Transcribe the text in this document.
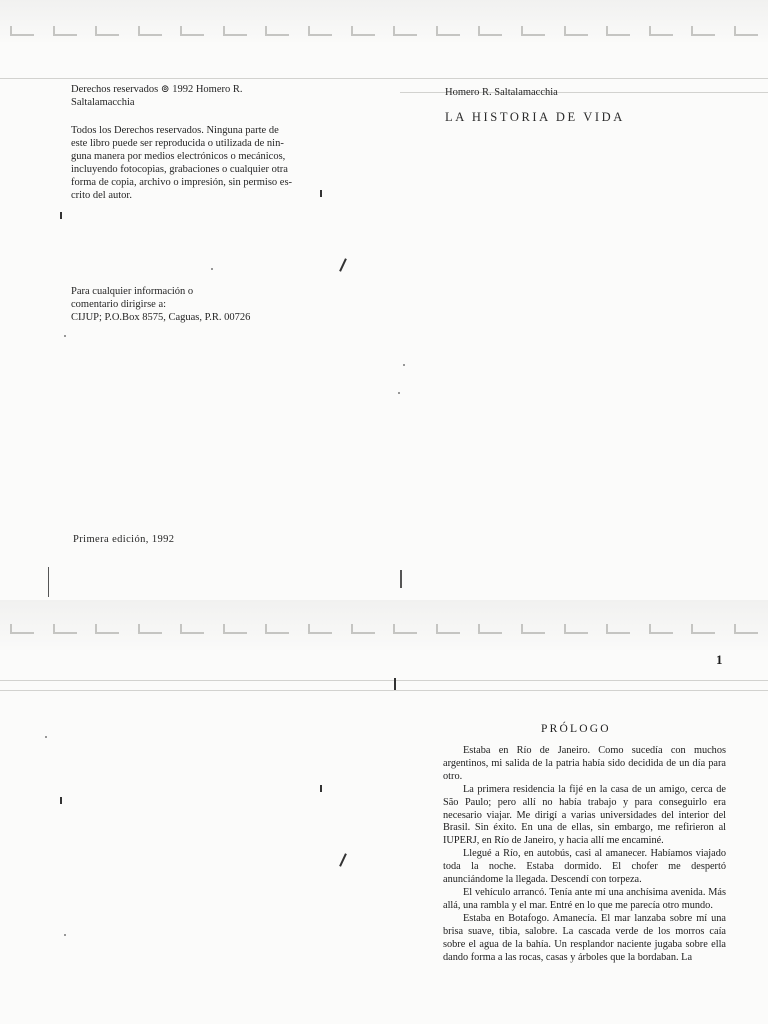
Derechos reservados ⊚ 1992 Homero R.

Saltalamacchia

Todos los Derechos reservados. Ninguna parte de

este libro puede ser reproducida o utilizada de nin-

guna manera por medios electrónicos o mecánicos,

incluyendo fotocopias, grabaciones o cualquier otra

forma de copia, archivo o impresión, sin permiso es-

crito del autor.

Para cualquier información o

comentario dirigirse a:

CIJUP; P.O.Box 8575, Caguas, P.R. 00726

Primera edición, 1992
Homero R. Saltalamacchia
LA HISTORIA DE VIDA
1
PRÓLOGO

Estaba en Río de Janeiro. Como sucedía con muchos argentinos, mi salida de la patria había sido decidida de un día para otro.

La primera residencia la fijé en la casa de un amigo, cerca de São Paulo; pero allí no había trabajo y para conseguirlo era necesario viajar. Me dirigí a varias universidades del interior del Brasil. Sin éxito. En una de ellas, sin embargo, me refirieron al IUPERJ, en Río de Janeiro, y hacia allí me encaminé.

Llegué a Río, en autobús, casi al amanecer. Habíamos viajado toda la noche. Estaba dormido. El chofer me despertó anunciándome la llegada. Descendí con torpeza.

El vehículo arrancó. Tenía ante mí una anchísima avenida. Más allá, una rambla y el mar. Entré en lo que me parecía otro mundo.

Estaba en Botafogo. Amanecía. El mar lanzaba sobre mí una brisa suave, tibia, salobre. La cascada verde de los morros caía sobre el agua de la bahía. Un resplandor naciente jugaba sobre ella dando forma a las rocas, casas y árboles que la bordaban. La
